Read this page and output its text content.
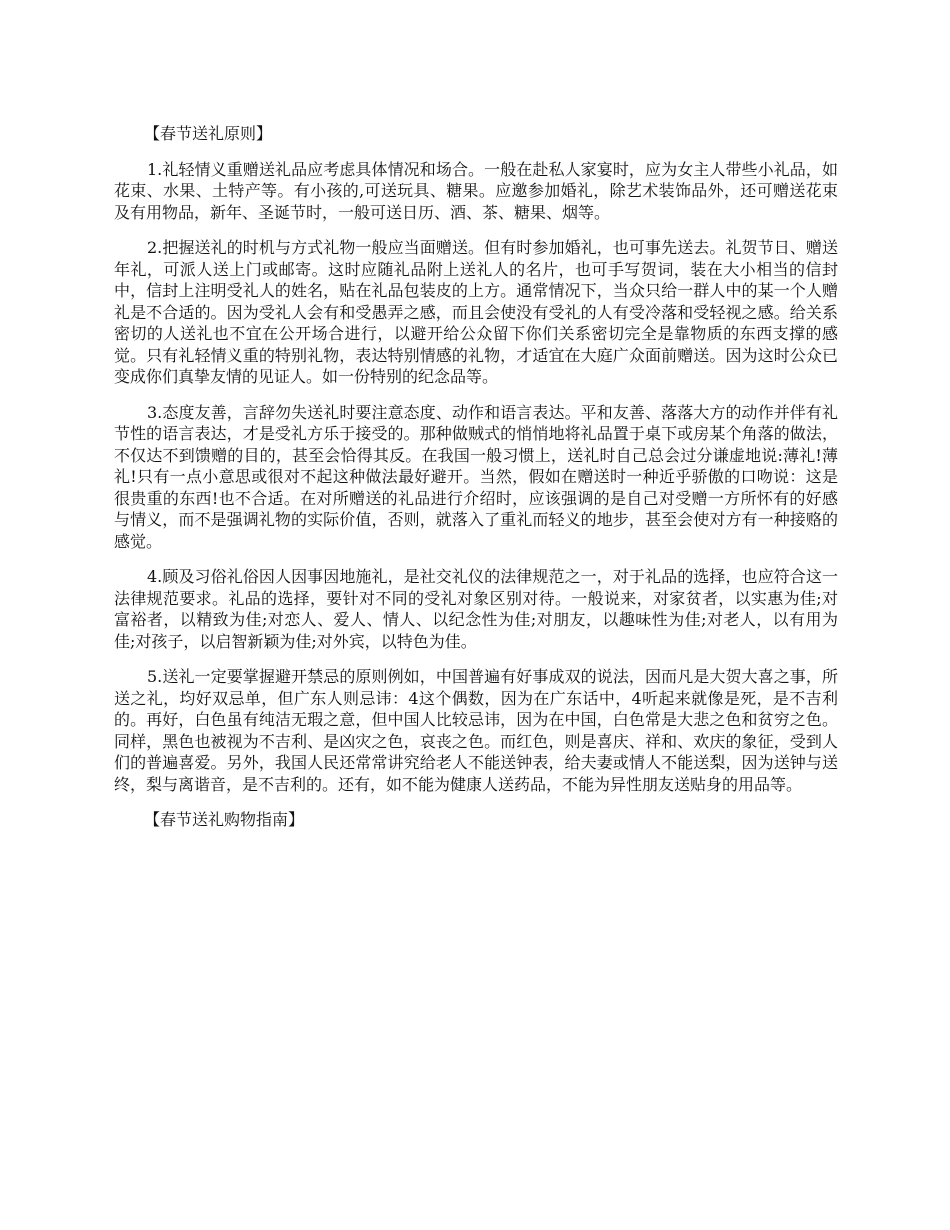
【春节送礼原则】

1.礼轻情义重赠送礼品应考虑具体情况和场合。一般在赴私人家宴时，应为女主人带些小礼品，如花束、水果、土特产等。有小孩的,可送玩具、糖果。应邀参加婚礼，除艺术装饰品外，还可赠送花束及有用物品，新年、圣诞节时，一般可送日历、酒、茶、糖果、烟等。

2.把握送礼的时机与方式礼物一般应当面赠送。但有时参加婚礼，也可事先送去。礼贺节日、赠送年礼，可派人送上门或邮寄。这时应随礼品附上送礼人的名片，也可手写贺词，装在大小相当的信封中，信封上注明受礼人的姓名，贴在礼品包装皮的上方。通常情况下，当众只给一群人中的某一个人赠礼是不合适的。因为受礼人会有和受愚弄之感，而且会使没有受礼的人有受冷落和受轻视之感。给关系密切的人送礼也不宜在公开场合进行，以避开给公众留下你们关系密切完全是靠物质的东西支撑的感觉。只有礼轻情义重的特别礼物，表达特别情感的礼物，才适宜在大庭广众面前赠送。因为这时公众已变成你们真挚友情的见证人。如一份特别的纪念品等。

3.态度友善，言辞勿失送礼时要注意态度、动作和语言表达。平和友善、落落大方的动作并伴有礼节性的语言表达，才是受礼方乐于接受的。那种做贼式的悄悄地将礼品置于桌下或房某个角落的做法，不仅达不到馈赠的目的，甚至会恰得其反。在我国一般习惯上，送礼时自己总会过分谦虚地说:薄礼!薄礼!只有一点小意思或很对不起这种做法最好避开。当然，假如在赠送时一种近乎骄傲的口吻说：这是很贵重的东西!也不合适。在对所赠送的礼品进行介绍时，应该强调的是自己对受赠一方所怀有的好感与情义，而不是强调礼物的实际价值，否则，就落入了重礼而轻义的地步，甚至会使对方有一种接赂的感觉。

4.顾及习俗礼俗因人因事因地施礼，是社交礼仪的法律规范之一，对于礼品的选择，也应符合这一法律规范要求。礼品的选择，要针对不同的受礼对象区别对待。一般说来，对家贫者，以实惠为佳;对富裕者，以精致为佳;对恋人、爱人、情人、以纪念性为佳;对朋友，以趣味性为佳;对老人，以有用为佳;对孩子，以启智新颖为佳;对外宾，以特色为佳。

5.送礼一定要掌握避开禁忌的原则例如，中国普遍有好事成双的说法，因而凡是大贺大喜之事，所送之礼，均好双忌单，但广东人则忌讳：4这个偶数，因为在广东话中，4听起来就像是死，是不吉利的。再好，白色虽有纯洁无瑕之意，但中国人比较忌讳，因为在中国，白色常是大悲之色和贫穷之色。同样，黑色也被视为不吉利、是凶灾之色，哀丧之色。而红色，则是喜庆、祥和、欢庆的象征，受到人们的普遍喜爱。另外，我国人民还常常讲究给老人不能送钟表，给夫妻或情人不能送梨，因为送钟与送终，梨与离谐音，是不吉利的。还有，如不能为健康人送药品，不能为异性朋友送贴身的用品等。

【春节送礼购物指南】
